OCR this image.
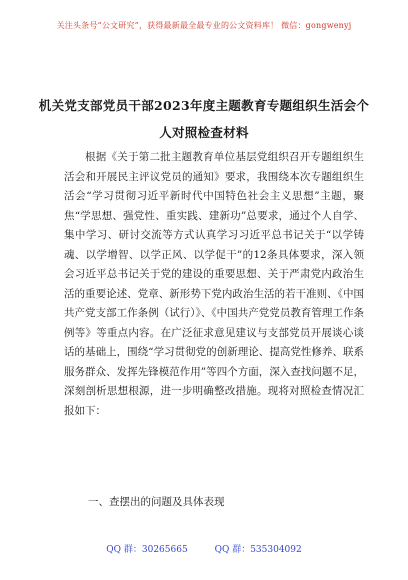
关注头条号“公文研究”，获得最新最全最专业的公文资料库！ 微信：gongwenyj
机关党支部党员干部2023年度主题教育专题组织生活会个
人对照检查材料

根据《关于第二批主题教育单位基层党组织召开专题组织生活会和开展民主评议党员的通知》要求，我围绕本次专题组织生活会“学习贯彻习近平新时代中国特色社会主义思想”主题，聚焦“学思想、强党性、重实践、建新功”总要求，通过个人自学、集中学习、研讨交流等方式认真学习习近平总书记关于“以学铸魂、以学增智、以学正风、以学促干”的12条具体要求，深入领会习近平总书记关于党的建设的重要思想、关于严肃党内政治生活的重要论述、党章、新形势下党内政治生活的若干准则、《中国共产党支部工作条例（试行）》、《中国共产党党员教育管理工作条例等》等重点内容。在广泛征求意见建议与支部党员开展谈心谈话的基础上，围绕“学习贯彻党的创新理论、提高党性修养、联系服务群众、发挥先锋模范作用”等四个方面，深入查找问题不足，深刻剖析思想根源，进一步明确整改措施。现将对照检查情况汇报如下：

一、查摆出的问题及具体表现
QQ 群：30265665	QQ 群：535304092
